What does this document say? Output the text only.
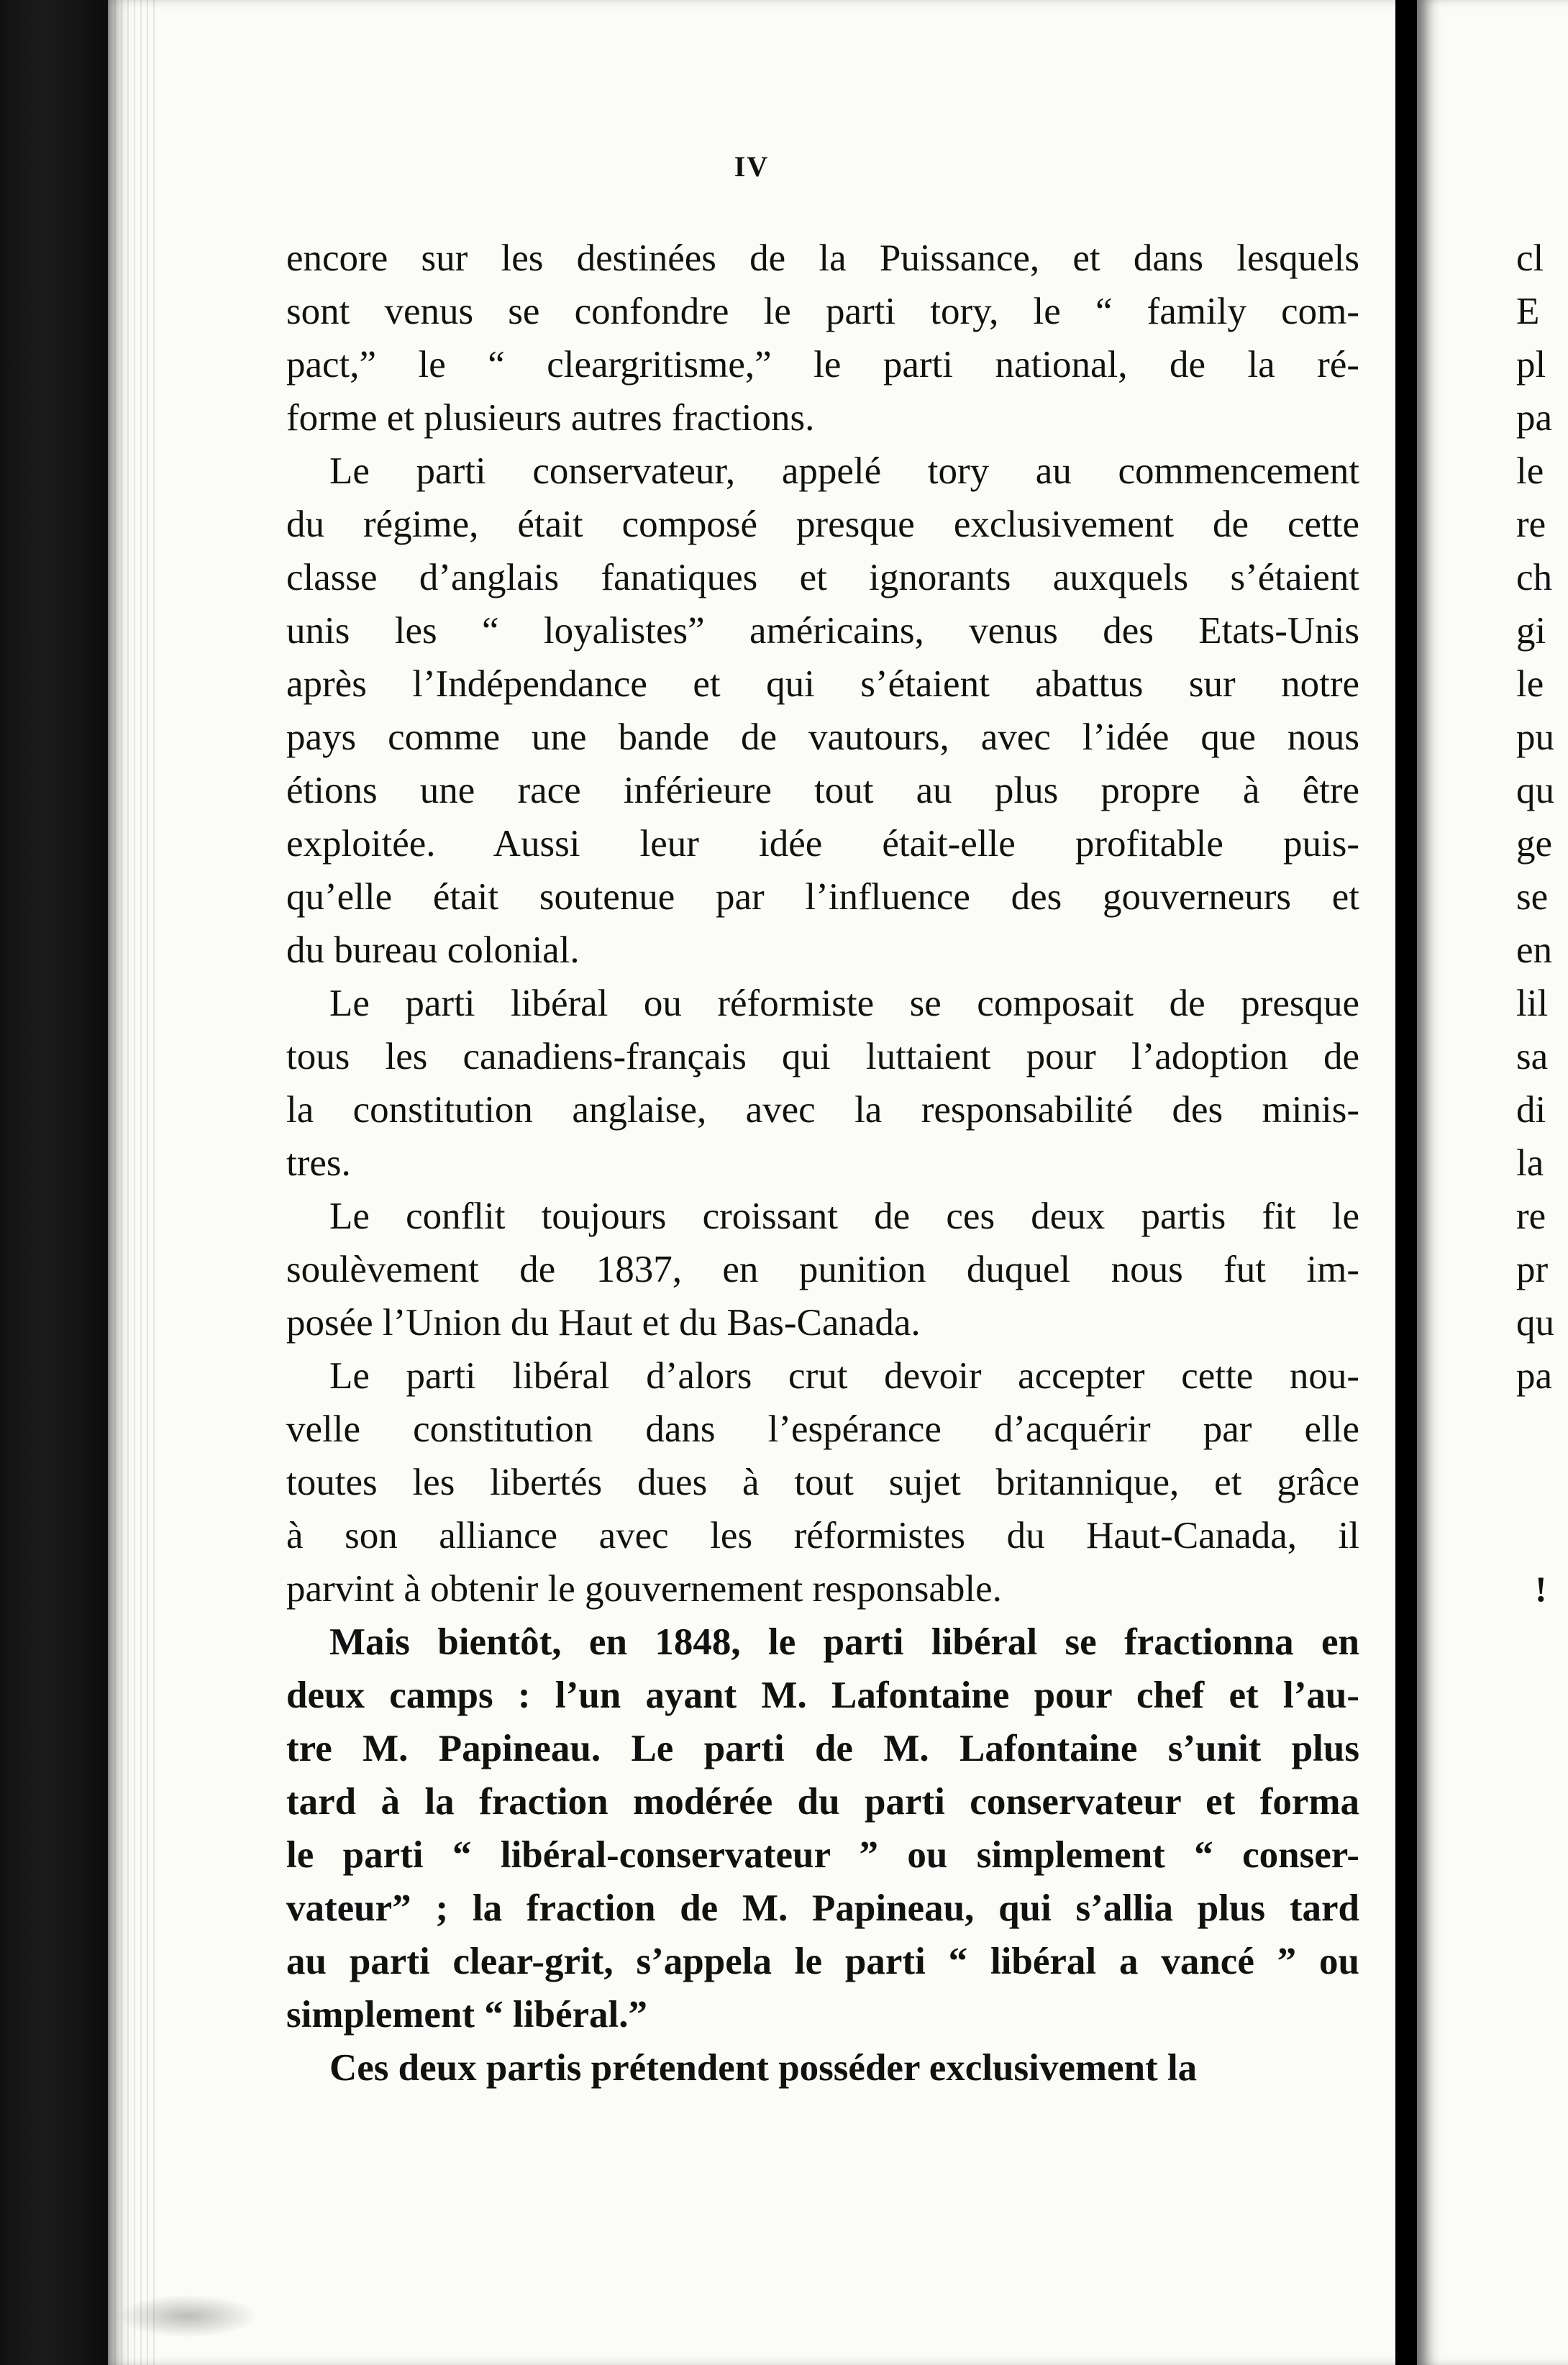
IV
encore sur les destinées de la Puissance, et dans lesquels
sont venus se confondre le parti tory, le “ family com-
pact,” le “ cleargritisme,” le parti national, de la ré-
forme et plusieurs autres fractions.
Le parti conservateur, appelé tory au commencement
du régime, était composé presque exclusivement de cette
classe d’anglais fanatiques et ignorants auxquels s’étaient
unis les “ loyalistes” américains, venus des Etats-Unis
après l’Indépendance et qui s’étaient abattus sur notre
pays comme une bande de vautours, avec l’idée que nous
étions une race inférieure tout au plus propre à être
exploitée. Aussi leur idée était-elle profitable puis-
qu’elle était soutenue par l’influence des gouverneurs et
du bureau colonial.
Le parti libéral ou réformiste se composait de presque
tous les canadiens-français qui luttaient pour l’adoption de
la constitution anglaise, avec la responsabilité des minis-
tres.
Le conflit toujours croissant de ces deux partis fit le
soulèvement de 1837, en punition duquel nous fut im-
posée l’Union du Haut et du Bas-Canada.
Le parti libéral d’alors crut devoir accepter cette nou-
velle constitution dans l’espérance d’acquérir par elle
toutes les libertés dues à tout sujet britannique, et grâce
à son alliance avec les réformistes du Haut-Canada, il
parvint à obtenir le gouvernement responsable.
Mais bientôt, en 1848, le parti libéral se fractionna en
deux camps : l’un ayant M. Lafontaine pour chef et l’au-
tre M. Papineau. Le parti de M. Lafontaine s’unit plus
tard à la fraction modérée du parti conservateur et forma
le parti “ libéral-conservateur ” ou simplement “ conser-
vateur” ; la fraction de M. Papineau, qui s’allia plus tard
au parti clear-grit, s’appela le parti “ libéral a vancé ” ou
simplement “ libéral.”
Ces deux partis prétendent posséder exclusivement la
!
cl
E
pl
pa
le
re
ch
gi
le
pu
qu
ge
se
en
lil
sa
di
la
re
pr
qu
pa
